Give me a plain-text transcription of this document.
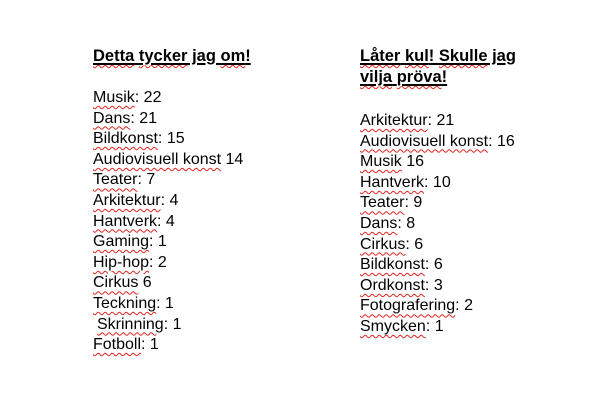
Detta tycker jag om!

Musik: 22
Dans: 21
Bildkonst: 15
Audiovisuell konst 14
Teater: 7
Arkitektur: 4
Hantverk: 4
Gaming: 1
Hip-hop: 2
Cirkus 6
Teckning: 1
Skrinning: 1
Fotboll: 1

Låter kul! Skulle jag vilja pröva!

Arkitektur: 21
Audiovisuell konst: 16
Musik 16
Hantverk: 10
Teater: 9
Dans: 8
Cirkus: 6
Bildkonst: 6
Ordkonst: 3
Fotografering: 2
Smycken: 1
